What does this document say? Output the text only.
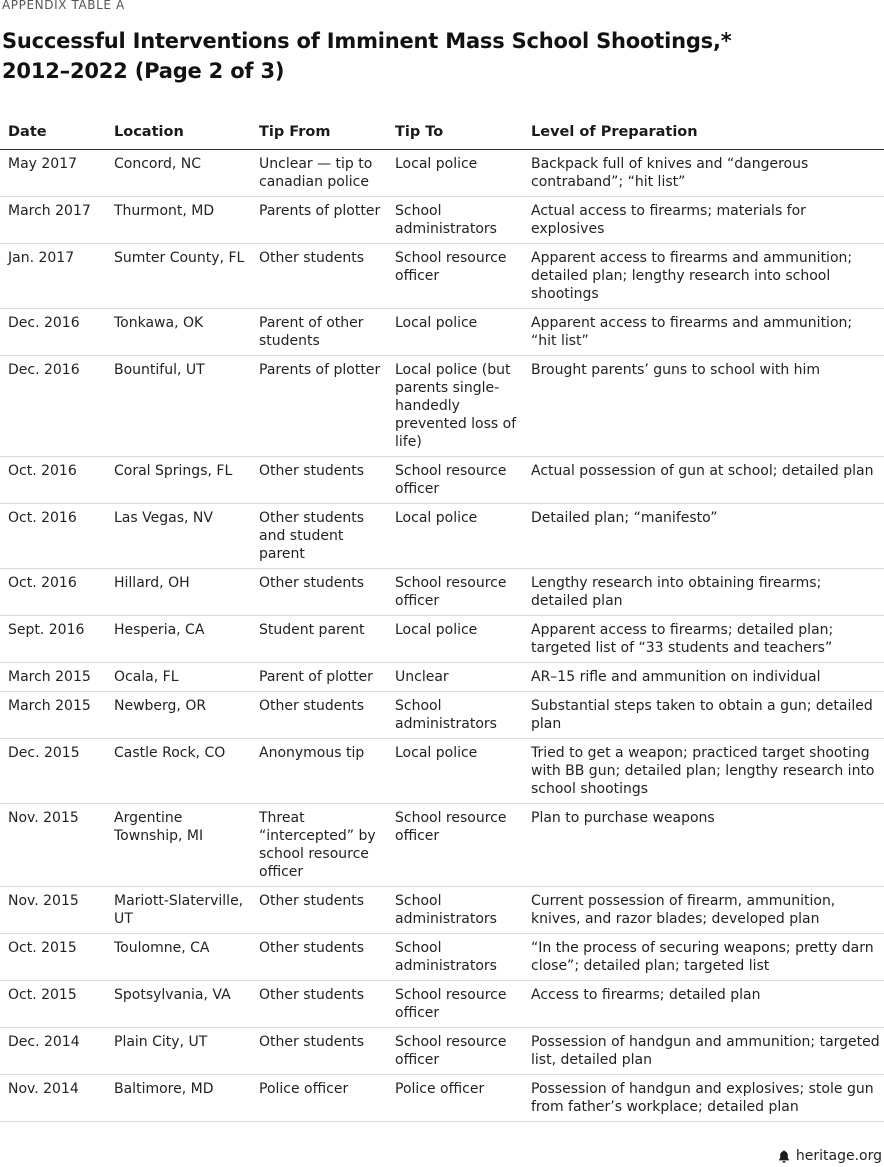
APPENDIX TABLE A
Successful Interventions of Imminent Mass School Shootings,*
2012–2022 (Page 2 of 3)
Date	Location	Tip From	Tip To	Level of Preparation
May 2017	Concord, NC	Unclear — tip to canadian police	Local police	Backpack full of knives and “dangerous contraband”; “hit list”
March 2017	Thurmont, MD	Parents of plotter	School administrators	Actual access to firearms; materials for explosives
Jan. 2017	Sumter County, FL	Other students	School resource officer	Apparent access to firearms and ammunition; detailed plan; lengthy research into school shootings
Dec. 2016	Tonkawa, OK	Parent of other students	Local police	Apparent access to firearms and ammunition; “hit list”
Dec. 2016	Bountiful, UT	Parents of plotter	Local police (but parents single-handedly prevented loss of life)	Brought parents’ guns to school with him
Oct. 2016	Coral Springs, FL	Other students	School resource officer	Actual possession of gun at school; detailed plan
Oct. 2016	Las Vegas, NV	Other students and student parent	Local police	Detailed plan; “manifesto”
Oct. 2016	Hillard, OH	Other students	School resource officer	Lengthy research into obtaining firearms; detailed plan
Sept. 2016	Hesperia, CA	Student parent	Local police	Apparent access to firearms; detailed plan; targeted list of “33 students and teachers”
March 2015	Ocala, FL	Parent of plotter	Unclear	AR–15 rifle and ammunition on individual
March 2015	Newberg, OR	Other students	School administrators	Substantial steps taken to obtain a gun; detailed plan
Dec. 2015	Castle Rock, CO	Anonymous tip	Local police	Tried to get a weapon; practiced target shooting with BB gun; detailed plan; lengthy research into school shootings
Nov. 2015	Argentine Township, MI	Threat “intercepted” by school resource officer	School resource officer	Plan to purchase weapons
Nov. 2015	Mariott-Slaterville, UT	Other students	School administrators	Current possession of firearm, ammunition, knives, and razor blades; developed plan
Oct. 2015	Toulomne, CA	Other students	School administrators	“In the process of securing weapons; pretty darn close”; detailed plan; targeted list
Oct. 2015	Spotsylvania, VA	Other students	School resource officer	Access to firearms; detailed plan
Dec. 2014	Plain City, UT	Other students	School resource officer	Possession of handgun and ammunition; targeted list, detailed plan
Nov. 2014	Baltimore, MD	Police officer	Police officer	Possession of handgun and explosives; stole gun from father’s workplace; detailed plan
heritage.org
